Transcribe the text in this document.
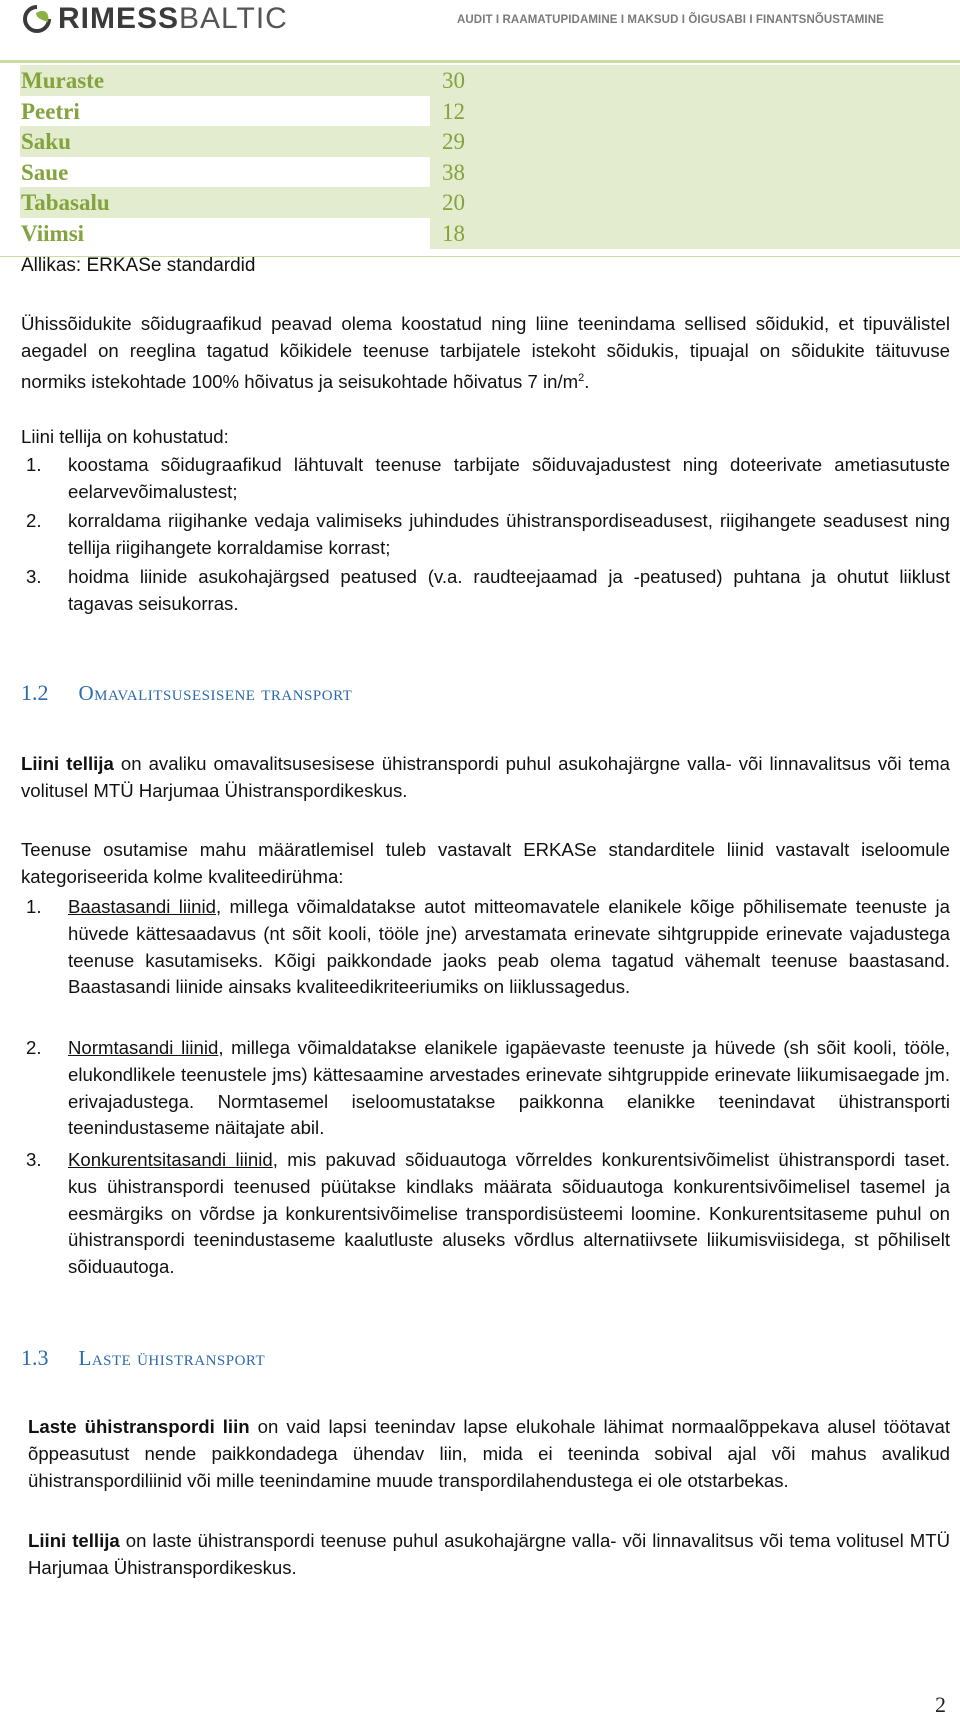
RIMESSBALTIC	AUDIT I RAAMATUPIDAMINE I MAKSUD I ÕIGUSABI I FINANTSNÕUSTAMINE
Muraste	30
Peetri	12
Saku	29
Saue	38
Tabasalu	20
Viimsi	18
Allikas: ERKASe standardid
Ühissõidukite sõidugraafikud peavad olema koostatud ning liine teenindama sellised sõidukid, et tipuvälistel aegadel on reeglina tagatud kõikidele teenuse tarbijatele istekoht sõidukis, tipuajal on sõidukite täituvuse normiks istekohtade 100% hõivatus ja seisukohtade hõivatus 7 $in/m^2$.
Liini tellija on kohustatud:
1. koostama sõidugraafikud lähtuvalt teenuse tarbijate sõiduvajadustest ning doteerivate ametiasutuste eelarvevõimalustest;
2. korraldama riigihanke vedaja valimiseks juhindudes ühistranspordiseadusest, riigihangete seadusest ning tellija riigihangete korraldamise korrast;
3. hoidma liinide asukohajärgsed peatused (v.a. raudteejaamad ja -peatused) puhtana ja ohutut liiklust tagavas seisukorras.
1.2 Omavalitsusesisene transport
Liini tellija on avaliku omavalitsusesisese ühistranspordi puhul asukohajärgne valla- või linnavalitsus või tema volitusel MTÜ Harjumaa Ühistranspordikeskus.
Teenuse osutamise mahu määratlemisel tuleb vastavalt ERKASe standarditele liinid vastavalt iseloomule kategoriseerida kolme kvaliteedirühma:
1. Baastasandi liinid, millega võimaldatakse autot mitteomavatele elanikele kõige põhilisemate teenuste ja hüvede kättesaadavus (nt sõit kooli, tööle jne) arvestamata erinevate sihtgruppide erinevate vajadustega teenuse kasutamiseks. Kõigi paikkondade jaoks peab olema tagatud vähemalt teenuse baastasand. Baastasandi liinide ainsaks kvaliteedikriteeriumiks on liiklussagedus.
2. Normtasandi liinid, millega võimaldatakse elanikele igapäevaste teenuste ja hüvede (sh sõit kooli, tööle, elukondlikele teenustele jms) kättesaamine arvestades erinevate sihtgruppide erinevate liikumisaegade jm. erivajadustega. Normtasemel iseloomustatakse paikkonna elanikke teenindavat ühistransporti teenindustaseme näitajate abil.
3. Konkurentsitasandi liinid, mis pakuvad sõiduautoga võrreldes konkurentsivõimelist ühistranspordi taset. kus ühistranspordi teenused püütakse kindlaks määrata sõiduautoga konkurentsivõimelisel tasemel ja eesmärgiks on võrdse ja konkurentsivõimelise transpordisüsteemi loomine. Konkurentsitaseme puhul on ühistranspordi teenindustaseme kaalutluste aluseks võrdlus alternatiivsete liikumisviisidega, st põhiliselt sõiduautoga.
1.3 Laste ühistransport
Laste ühistranspordi liin on vaid lapsi teenindav lapse elukohale lähimat normaalõppekava alusel töötavat õppeasutust nende paikkondadega ühendav liin, mida ei teeninda sobival ajal või mahus avalikud ühistranspordiliinid või mille teenindamine muude transpordilahendustega ei ole otstarbekas.
Liini tellija on laste ühistranspordi teenuse puhul asukohajärgne valla- või linnavalitsus või tema volitusel MTÜ Harjumaa Ühistranspordikeskus.
2
